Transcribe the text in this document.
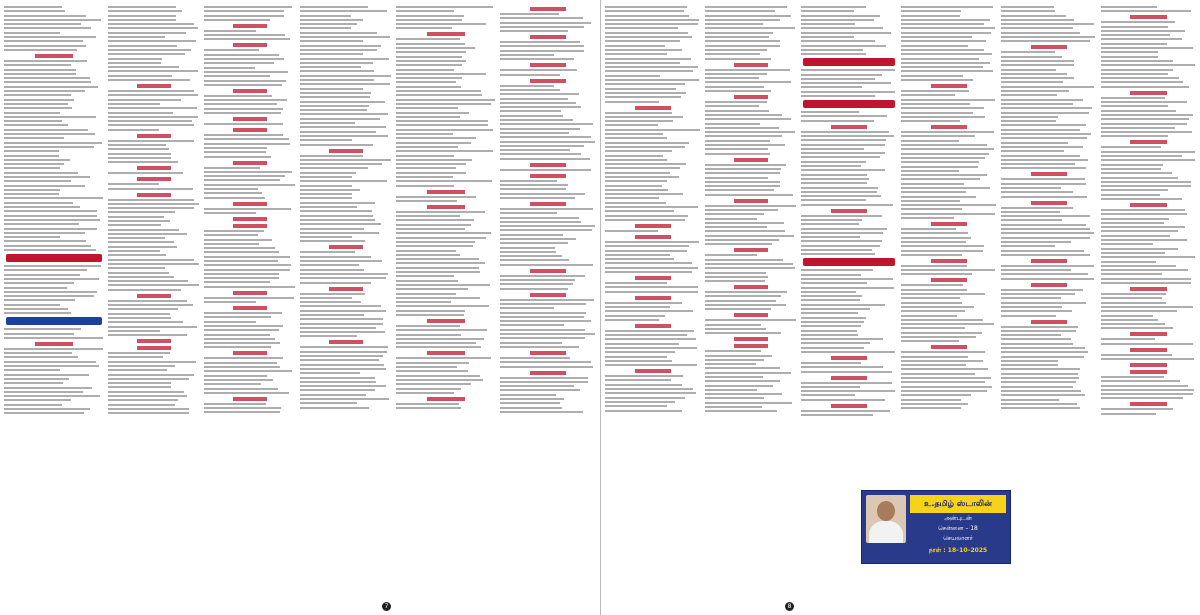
7	8
உ.தமிழ் ஸ்டாலின்
அன்புடன்
சென்னை – 18
செயலாளர்
நாள் : 18–10–2025
